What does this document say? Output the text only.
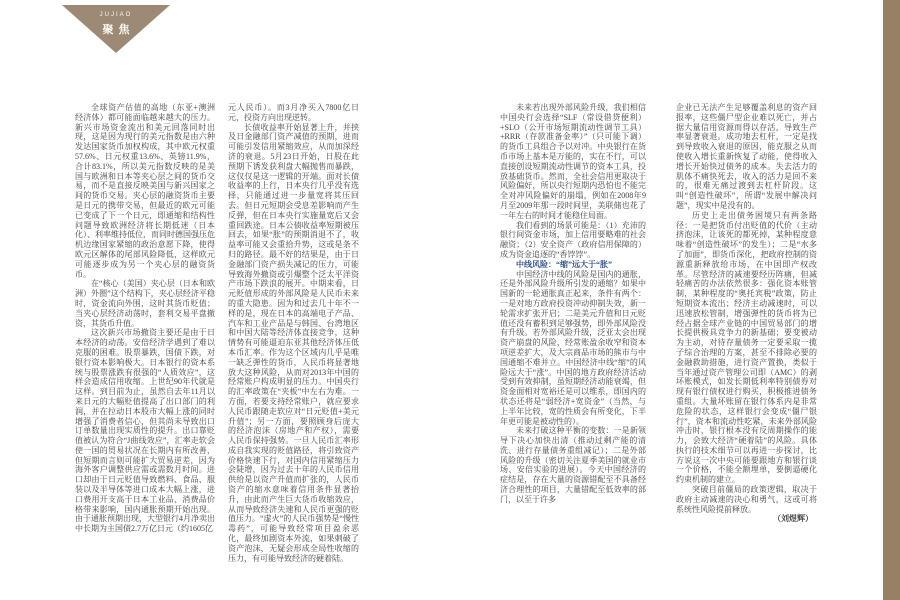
JUJIAO
聚焦

全球资产估值的高地（东亚+澳洲经济体）都可能面临越来越大的压力。新兴市场资金流出和美元回落同时出现，这是因为现行的美元指数是由六种发达国家货币加权构成，其中欧元权重57.6%、日元权重13.6%、英镑11.9%，合计83.1%，所以美元指数反映的是美国与欧洲和日本等夹心层之间的货币交易，而不是直接反映美国与新兴国家之间的货币交易。夹心层的融资货币主要是日元的携带交易，但最近的欧元可能已变成了下一个日元，即通缩和结构性问题导致欧洲经济将长期低迷（日本化）、利率维持低位，而同时德国强压危机边缘国家紧缩的政治意愿下降，使得欧元区解体的尾部风险降低，这样欧元可能逐步成为另一个夹心层的融资货币。

在“核心（美国）夹心层（日本和欧洲）外圈”这个结构下，夹心层经济平稳时，资金流向外围，这时其货币贬值；当夹心层经济动荡时，套利交易平盘撤资，其货币升值。

这次新兴市场撤资主要还是由于日本经济的动荡。安倍经济学遇到了难以克服的困难。股票暴跌，国债下跌，对银行资本影响极大。日本银行的资本系统与股票涨跌有很强的“人质效应”，这样会造成信用收缩。上世纪90年代就是这样。到目前为止，虽然自去年11月以来日元的大幅贬值提高了出口部门的利润，并在拉动日本股市大幅上涨的同时增强了消费者信心，但其尚未导致出口订单数量出现实质性的提升。出口靠贬值被认为符合“J曲线效应”，汇率走软会使一国的贸易状况在长期内有所改善，但短期而言则可能扩大贸易逆差，因为海外客户调整供应需或需数月时间。进口却由于日元贬值导致燃料、食品、服装以及半导体等进口成本大幅上涨，进口费用开支高于日本工业品、消费品价格带来影响，国内通胀预期开始出现。由于通胀预期出现，大型银行4月净卖出中长期为主国债2.7万亿日元（约1605亿

元人民币）。而3月净买入7800亿日元，投资方向出现逆转。

长债收益率开始显著上升，并挟及日金融部门资产减值的预期，进而可能引发信用紧缩效应，从而加深经济的衰退。5月23日开始，日股在此预期下诱发获利盘大幅抛售而暴跌，这仅仅是这一逻辑的开端。面对长债收益率的上行，日本央行几乎没有选择，只能通过进一步量宽将其压回去。但日元短期会受息差影响而产生反弹，但在日本央行实施量宽后又会重回跌途。日本公债收益率短期被压回去，如果“胀”的预期消退不了，收益率可能又会重拾升势，这或是条不归的路径。最不好的结果是，由于日金融部门资产损失减记的压力，可能导致海外撤资或引爆整个泛太平洋资产市场下跌浪的展开。中期来看，日元贬值形成的外部风险是人民币未来的重大隐患。因为和过去几十年不一样的是，现在日本的高端电子产品、汽车和工业产品是与韩国、台湾地区和中国大陆等经济体直接竞争，这种情势有可能逼迫东亚其他经济体压低本币汇率。作为这个区域内几乎是唯一缺乏弹性的货币，人民币将显著地放大这种风险，从而对2013年中国的经常账户构成明显的压力。中国央行的汇率政策在“夹板”中左右为难。一方面，若要支持经常账户，就应要求人民币跟随走软应对“日元贬值+美元升值”；另一方面，要照顾身后庞大的经济泡沫（房地产和产权），需要人民币保持强势。一旦人民币汇率形成自我实现的贬值路径，将引致资产价格快速下行，对国内信用紧缩压力会陡增，因为过去十年的人民币信用供给是以资产升值而扩张的，人民币资产的缩水意味着信用条件显著抬升，由此而产生巨大货币收缩效应，从而导致经济失速和人民币更强的贬值压力。“虚火”的人民币强势是“慢性毒药”，可能导致经常项目盈余恶化，最终加剧资本外流，如果刺破了资产泡沫，无疑会形成全局性收缩的压力，有可能导致经济的硬着陆。

未来若出现外部风险升级，我们相信中国央行会选择“SLF（常设借贷便利）+SLO（公开市场短期流动性调节工具）+RRR（存款准备金率）”（只可能下调）的货币工具组合予以对冲。中央银行在货币市场上基本是万能的，实在不行，可以直接创设短期流动性调节的资本工具，投放基础货币。然而，全社会信用更取决于风险偏好，所以央行短期内恐怕也不能完全对冲风险偏好的崩塌，例如在2008年9月至2009年那一段时间里，美联储也花了一年左右的时间才能稳住局面。

我们看到的场景可能是：（1）充沛的银行间资金市场，加上信用要略难的社会融资；（2）安全资产（政府信用保障的）成为资金追逐的“香饽饽”。

中线风险：“缩”远大于“胀”

中国经济中线的风险是国内的通胀，还是外部风险升级所引发的通缩？如果中国新的一轮通胀真正起来，条件有两个：一是对地方政府投资冲动抑制失效，新一轮需求扩张开启；二是美元升值和日元贬值还没有蓄积到足够强势，即外部风险没有升级。若外部风险升级，泛亚太会出现资产崩盘的风险，经常账盈余收窄和资本项逆差扩大，及大宗商品市场的熊市与中国通缩不难并立。中国经济中线“缩”的风险远大于“涨”。中国的地方政府经济活动受到有效抑制，虽短期经济动能衰竭，但资金面相对宽裕还是可以维系，即国内的状态还将是“弱经济+宽资金”（当然，与上半年比较，宽的性质会有所变化，下半年更可能是被动性的）。

未来打破这种平衡的变数：一是新领导下决心加快出清（推动过剩产能的清洗、进行存量债务重组减记）；二是外部风险的升级（密切关注夏季美国的就业市场、安倍实验的进展）。今天中国经济的症结是，存在大量的资源错配至不具备经济合理性的项目，大量错配至低效率的部门，以至于许多

企业已无法产生足够覆盖利息的资产回报率，这些僵尸型企业难以死亡，并占据大量信用资源而得以存活，导致生产率显著衰退。成功地去杠杆，一定是找到导致收入衰退的原因，能克服之从而使收入增长重新恢复了动能，使得收入增长开始快过债务的成本。失去活力的肌体不痛快死去，收入的活力是回不来的，很难无痛过渡到去杠杆阶段。这叫“创造性破坏”，所谓“发展中解决问题”，现实中是没有的。

历史上走出债务困境只有两条路径：一是把货币付出贬值的代价（主动挤泡沫，让该死的都死掉，某种程度意味着“创造性破坏”的发生）；二是“水多了加面”，即货币深化，把政府控制的资源重新释放给市场，在中国即产权改革。尽管经济的减速要经历阵痛，但减轻痛苦的办法依然很多：强化资本账管制，某种程度的“奥托宾税”政策，防止短期资本流出；经济主动减速时，可以迅速放松管制，增强弹性的货币将为已经占据全球产业链的中国贸易部门的增长提供极具竞争力的新基础；要变被动为主动，对待存量债务一定要采取一揽子综合治理的方案，甚至不排除必要的金融救助措施，进行资产置换，类似于当年通过资产管理公司即（AMC）的剥坏账模式，如发长期低利率特别债券对现有银行债权进行购买，积极推进债务重组。大量坏账留在银行体系内是非常危险的状态，这样银行会变成“僵尸银行”，资本和流动性吃紧，未来外部风险冲击时，银行根本没有反周期操作的能力，会致大经济“硬着陆”的风险。具体执行的技术细节可以再进一步探讨，比方说这一次中央可能要跟地方和银行谈一个价格，不能全额埋单，要倒逼硬化约束机制的建立。

突破目前僵局的政策逻辑，取决于政府主动减速的决心和勇气，这或可将系统性风险提前释放。

（刘煜辉）
